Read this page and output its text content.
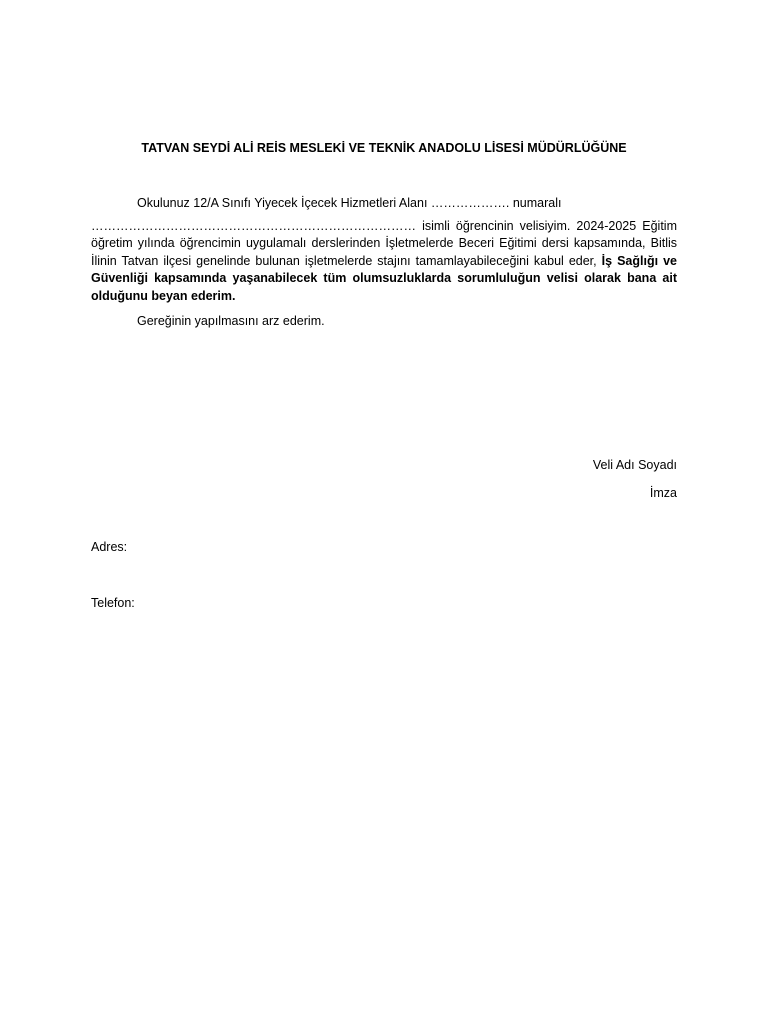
TATVAN SEYDİ ALİ REİS MESLEKİ VE TEKNİK ANADOLU LİSESİ MÜDÜRLÜĞÜNE

Okulunuz 12/A Sınıfı Yiyecek İçecek Hizmetleri Alanı ………………. numaralı

…………………………………………………………………… isimli öğrencinin velisiyim. 2024-2025 Eğitim öğretim yılında öğrencimin uygulamalı derslerinden İşletmelerde Beceri Eğitimi dersi kapsamında, Bitlis İlinin Tatvan ilçesi genelinde bulunan işletmelerde stajını tamamlayabileceğini kabul eder, İş Sağlığı ve Güvenliği kapsamında yaşanabilecek tüm olumsuzluklarda sorumluluğun velisi olarak bana ait olduğunu beyan ederim.

Gereğinin yapılmasını arz ederim.

Veli Adı Soyadı
İmza
Adres:
Telefon:
